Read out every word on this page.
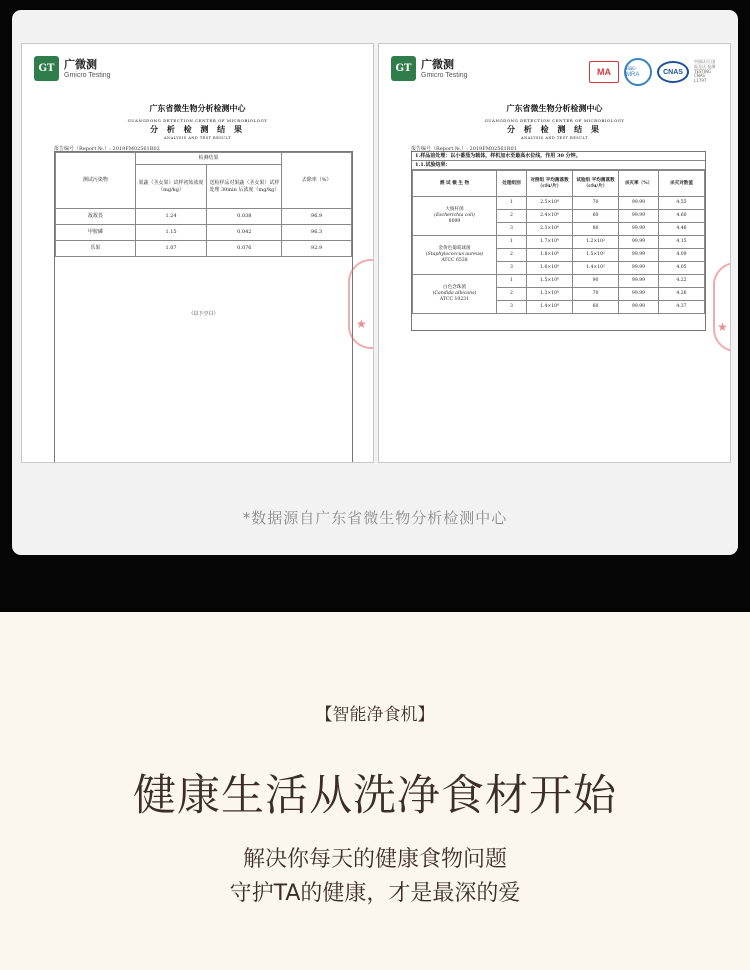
GT 广微测
Gmicro Testing
广东省微生物分析检测中心
GUANGDONG DETECTION CENTER OF MICROBIOLOGY
分 析 检 测 结 果
ANALYSIS AND TEST RESULT
报告编号（Report №.）: 2019FM02561R02
测试污染物	检测结果		去除率（%）
	果蔬（圣女果）试样初始浓度（mg/kg）	送检样品对果蔬（圣女果）试样处理 30min 后浓度（mg/kg）	
敌敌畏	1.24	0.038	96.9
甲胺磷	1.15	0.042	96.3
乐果	1.07	0.076	92.9
（以下空白）
★
GT 广微测
Gmicro Testing	MA	ilac-MRA	CNAS
中国认可 国际互认 检测 TESTING CNAS L1797
广东省微生物分析检测中心
GUANGDONG DETECTION CENTER OF MICROBIOLOGY
分 析 检 测 结 果
ANALYSIS AND TEST RESULT
报告编号（Report №.）: 2019FM02561R01
1.样品前处理：以小番茄为载体，样机加水至最高水位线，作用 30 分钟。
1.1.试验结果：
测 试 微 生 物	处理组别	对照组 平均菌落数（cfu/片）	试验组 平均菌落数（cfu/片）	杀灭率（%）	杀灭对数值
大肠杆菌
(Escherichia coli)
8099	1	2.5×10⁶	70	99.99	4.55
	2	2.4×10⁶	60	99.99	4.60
	3	2.3×10⁶	80	99.99	4.46
金黄色葡萄球菌
(Staphylococcus aureus)
ATCC 6538	1	1.7×10⁶	1.2×10²	99.99	4.15
	2	1.8×10⁶	1.5×10²	99.99	4.09
	3	1.6×10⁶	1.4×10²	99.99	4.05
白色念珠菌
(Candida albicans)
ATCC 10231	1	1.5×10⁶	90	99.99	4.22
	2	1.3×10⁶	70	99.99	4.26
	3	1.4×10⁶	60	99.99	4.37
★
*数据源自广东省微生物分析检测中心
【智能净食机】
健康生活从洗净食材开始
解决你每天的健康食物问题
守护TA的健康，才是最深的爱
